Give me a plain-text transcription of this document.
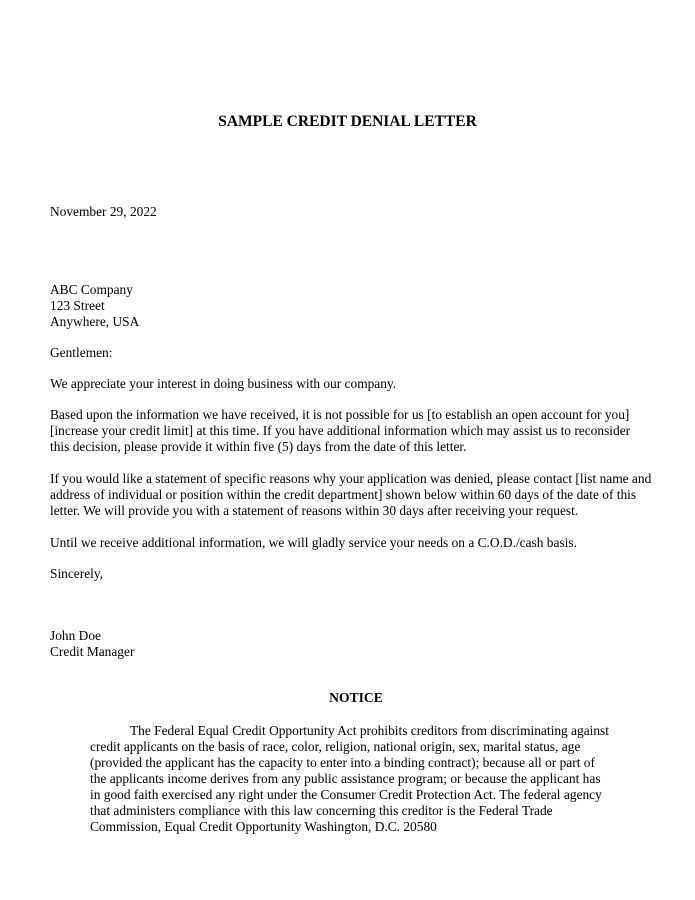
SAMPLE CREDIT DENIAL LETTER
November 29, 2022
ABC Company
123 Street
Anywhere, USA
Gentlemen:
We appreciate your interest in doing business with our company.
Based upon the information we have received, it is not possible for us [to establish an open account for you]
[increase your credit limit] at this time. If you have additional information which may assist us to reconsider
this decision, please provide it within five (5) days from the date of this letter.
If you would like a statement of specific reasons why your application was denied, please contact [list name and
address of individual or position within the credit department] shown below within 60 days of the date of this
letter. We will provide you with a statement of reasons within 30 days after receiving your request.
Until we receive additional information, we will gladly service your needs on a C.O.D./cash basis.
Sincerely,
John Doe
Credit Manager
NOTICE
The Federal Equal Credit Opportunity Act prohibits creditors from discriminating against
credit applicants on the basis of race, color, religion, national origin, sex, marital status, age
(provided the applicant has the capacity to enter into a binding contract); because all or part of
the applicants income derives from any public assistance program; or because the applicant has
in good faith exercised any right under the Consumer Credit Protection Act. The federal agency
that administers compliance with this law concerning this creditor is the Federal Trade
Commission, Equal Credit Opportunity Washington, D.C. 20580
